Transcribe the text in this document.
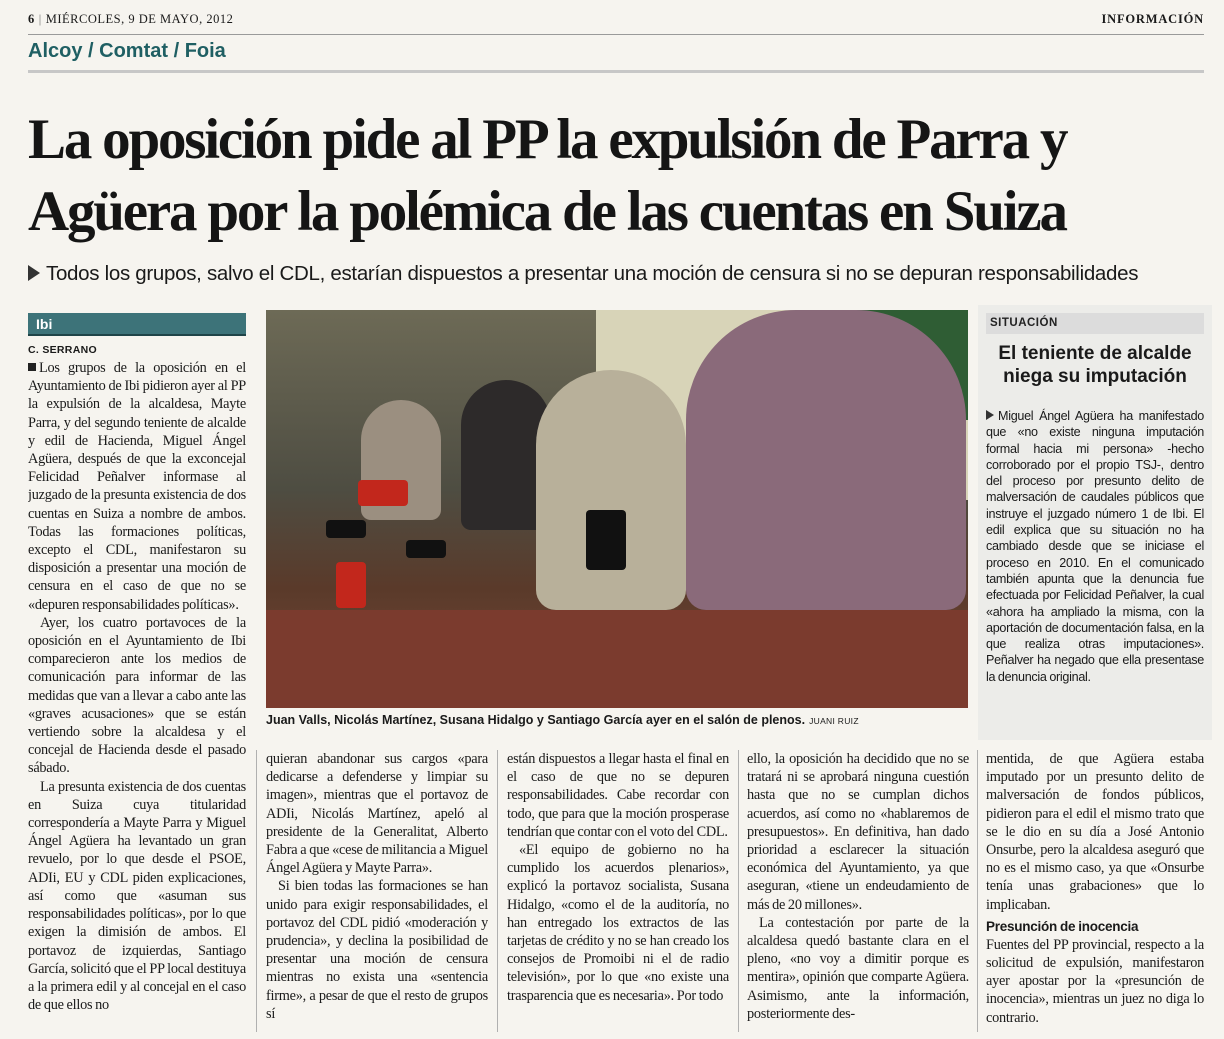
6 | MIÉRCOLES, 9 DE MAYO, 2012	INFORMACIÓN
Alcoy / Comtat / Foia
La oposición pide al PP la expulsión de Parra y
Agüera por la polémica de las cuentas en Suiza
Todos los grupos, salvo el CDL, estarían dispuestos a presentar una moción de censura si no se depuran responsabilidades
Ibi
C. SERRANO

Los grupos de la oposición en el Ayuntamiento de Ibi pidieron ayer al PP la expulsión de la alcaldesa, Mayte Parra, y del segundo teniente de alcalde y edil de Hacienda, Miguel Ángel Agüera, después de que la exconcejal Felicidad Peñalver informase al juzgado de la presunta existencia de dos cuentas en Suiza a nombre de ambos. Todas las formaciones políticas, excepto el CDL, manifestaron su disposición a presentar una moción de censura en el caso de que no se «depuren responsabilidades políticas».

Ayer, los cuatro portavoces de la oposición en el Ayuntamiento de Ibi comparecieron ante los medios de comunicación para informar de las medidas que van a llevar a cabo ante las «graves acusaciones» que se están vertiendo sobre la alcaldesa y el concejal de Hacienda desde el pasado sábado.

La presunta existencia de dos cuentas en Suiza cuya titularidad correspondería a Mayte Parra y Miguel Ángel Agüera ha levantado un gran revuelo, por lo que desde el PSOE, ADIi, EU y CDL piden explicaciones, así como que «asuman sus responsabilidades políticas», por lo que exigen la dimisión de ambos. El portavoz de izquierdas, Santiago García, solicitó que el PP local destituya a la primera edil y al concejal en el caso de que ellos no

Juan Valls, Nicolás Martínez, Susana Hidalgo y Santiago García ayer en el salón de plenos. JUANI RUIZ

quieran abandonar sus cargos «para dedicarse a defenderse y limpiar su imagen», mientras que el portavoz de ADIi, Nicolás Martínez, apeló al presidente de la Generalitat, Alberto Fabra a que «cese de militancia a Miguel Ángel Agüera y Mayte Parra».

Si bien todas las formaciones se han unido para exigir responsabilidades, el portavoz del CDL pidió «moderación y prudencia», y declina la posibilidad de presentar una moción de censura mientras no exista una «sentencia firme», a pesar de que el resto de grupos sí

están dispuestos a llegar hasta el final en el caso de que no se depuren responsabilidades. Cabe recordar con todo, que para que la moción prosperase tendrían que contar con el voto del CDL.

«El equipo de gobierno no ha cumplido los acuerdos plenarios», explicó la portavoz socialista, Susana Hidalgo, «como el de la auditoría, no han entregado los extractos de las tarjetas de crédito y no se han creado los consejos de Promoibi ni el de radio televisión», por lo que «no existe una trasparencia que es necesaria». Por todo

ello, la oposición ha decidido que no se tratará ni se aprobará ninguna cuestión hasta que no se cumplan dichos acuerdos, así como no «hablaremos de presupuestos». En definitiva, han dado prioridad a esclarecer la situación económica del Ayuntamiento, ya que aseguran, «tiene un endeudamiento de más de 20 millones».

La contestación por parte de la alcaldesa quedó bastante clara en el pleno, «no voy a dimitir porque es mentira», opinión que comparte Agüera. Asimismo, ante la información, posteriormente des-

mentida, de que Agüera estaba imputado por un presunto delito de malversación de fondos públicos, pidieron para el edil el mismo trato que se le dio en su día a José Antonio Onsurbe, pero la alcaldesa aseguró que no es el mismo caso, ya que «Onsurbe tenía unas grabaciones» que lo implicaban.

Presunción de inocencia

Fuentes del PP provincial, respecto a la solicitud de expulsión, manifestaron ayer apostar por la «presunción de inocencia», mientras un juez no diga lo contrario.

SITUACIÓN
El teniente de alcalde niega su imputación
Miguel Ángel Agüera ha manifestado que «no existe ninguna imputación formal hacia mi persona» -hecho corroborado por el propio TSJ-, dentro del proceso por presunto delito de malversación de caudales públicos que instruye el juzgado número 1 de Ibi. El edil explica que su situación no ha cambiado desde que se iniciase el proceso en 2010. En el comunicado también apunta que la denuncia fue efectuada por Felicidad Peñalver, la cual «ahora ha ampliado la misma, con la aportación de documentación falsa, en la que realiza otras imputaciones». Peñalver ha negado que ella presentase la denuncia original.
